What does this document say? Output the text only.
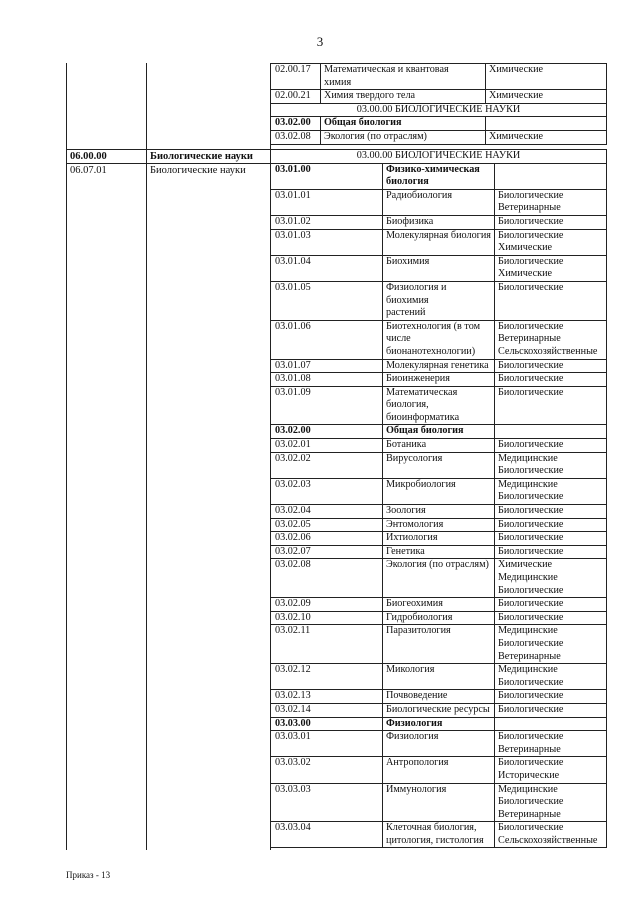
3
06.00.00	Биологические науки
06.07.01	Биологические науки
02.00.17	Математическая и квантовая
химия	Химические

02.00.21	Химия твердого тела	Химические

03.00.00 БИОЛОГИЧЕСКИЕ НАУКИ		
03.02.00	Общая биология	

03.02.08	Экология (по отраслям)	Химические
03.00.00 БИОЛОГИЧЕСКИЕ НАУКИ		
03.01.00	Физико-химическая биология	

03.01.01	Радиобиология	Биологические
Ветеринарные

03.01.02	Биофизика	Биологические

03.01.03	Молекулярная биология	Биологические
Химические

03.01.04	Биохимия	Биологические
Химические

03.01.05	Физиология и биохимия
растений	Биологические

03.01.06	Биотехнология (в том числе
бионанотехнологии)	Биологические
Ветеринарные
Сельскохозяйственные

03.01.07	Молекулярная генетика	Биологические

03.01.08	Биоинженерия	Биологические

03.01.09	Математическая биология,
биоинформатика	Биологические

03.02.00	Общая биология	

03.02.01	Ботаника	Биологические

03.02.02	Вирусология	Медицинские
Биологические

03.02.03	Микробиология	Медицинские
Биологические

03.02.04	Зоология	Биологические

03.02.05	Энтомология	Биологические

03.02.06	Ихтиология	Биологические

03.02.07	Генетика	Биологические

03.02.08	Экология (по отраслям)	Химические
Медицинские
Биологические

03.02.09	Биогеохимия	Биологические

03.02.10	Гидробиология	Биологические

03.02.11	Паразитология	Медицинские
Биологические
Ветеринарные

03.02.12	Микология	Медицинские
Биологические

03.02.13	Почвоведение	Биологические

03.02.14	Биологические ресурсы	Биологические

03.03.00	Физиология	

03.03.01	Физиология	Биологические
Ветеринарные

03.03.02	Антропология	Биологические
Исторические

03.03.03	Иммунология	Медицинские
Биологические
Ветеринарные

03.03.04	Клеточная биология,
цитология, гистология	Биологические
Сельскохозяйственные
Приказ - 13
